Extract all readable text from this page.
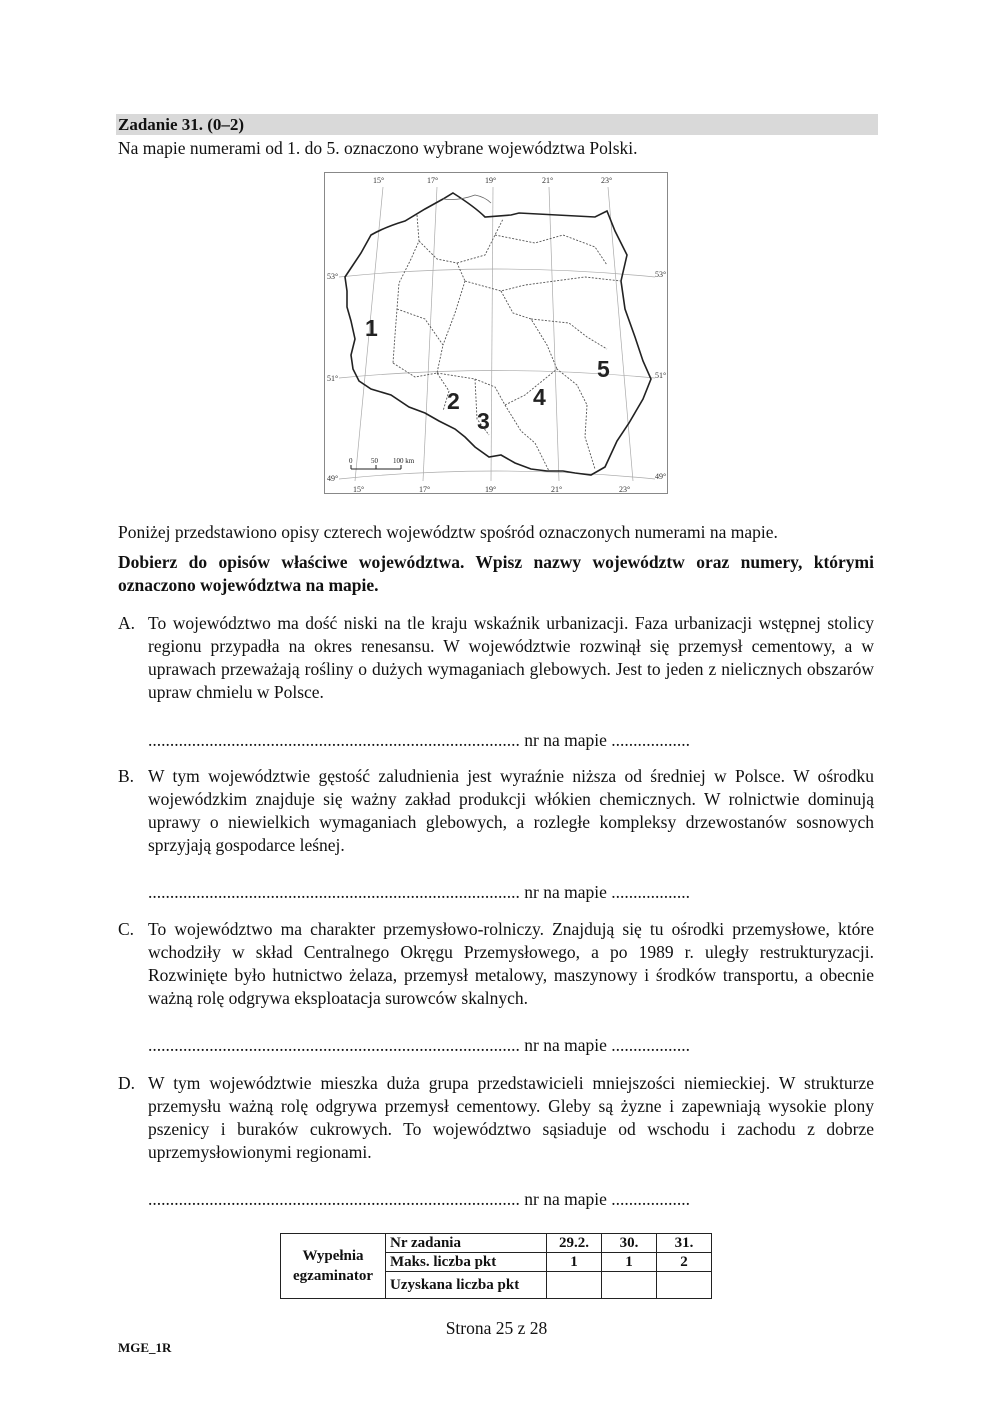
Zadanie 31. (0–2)
Na mapie numerami od 1. do 5. oznaczono wybrane województwa Polski.
15°	17°	19°	21°	23°
15°	17°	19°	21°	23°
53°
51°
49°
53°
51°
49°
1
2
3
4
5
0	50 100 km
Poniżej przedstawiono opisy czterech województw spośród oznaczonych numerami na mapie.
Dobierz do opisów właściwe województwa. Wpisz nazwy województw oraz numery, którymi oznaczono województwa na mapie.
A. To województwo ma dość niski na tle kraju wskaźnik urbanizacji. Faza urbanizacji wstępnej stolicy regionu przypadła na okres renesansu. W województwie rozwinął się przemysł cementowy, a w uprawach przeważają rośliny o dużych wymaganiach glebowych. Jest to jeden z nielicznych obszarów upraw chmielu w Polsce.
..................................................................................... nr na mapie ..................
B. W tym województwie gęstość zaludnienia jest wyraźnie niższa od średniej w Polsce. W ośrodku wojewódzkim znajduje się ważny zakład produkcji włókien chemicznych. W rolnictwie dominują uprawy o niewielkich wymaganiach glebowych, a rozległe kompleksy drzewostanów sosnowych sprzyjają gospodarce leśnej.
..................................................................................... nr na mapie ..................
C. To województwo ma charakter przemysłowo-rolniczy. Znajdują się tu ośrodki przemysłowe, które wchodziły w skład Centralnego Okręgu Przemysłowego, a po 1989 r. uległy restrukturyzacji. Rozwinięte było hutnictwo żelaza, przemysł metalowy, maszynowy i środków transportu, a obecnie ważną rolę odgrywa eksploatacja surowców skalnych.
..................................................................................... nr na mapie ..................
D. W tym województwie mieszka duża grupa przedstawicieli mniejszości niemieckiej. W strukturze przemysłu ważną rolę odgrywa przemysł cementowy. Gleby są żyzne i zapewniają wysokie plony pszenicy i buraków cukrowych. To województwo sąsiaduje od wschodu i zachodu z dobrze uprzemysłowionymi regionami.
..................................................................................... nr na mapie ..................
Wypełnia egzaminator	Nr zadania	29.2.	30.	31.
	Maks. liczba pkt	1	1	2
	Uzyskana liczba pkt			
Strona 25 z 28
MGE_1R
